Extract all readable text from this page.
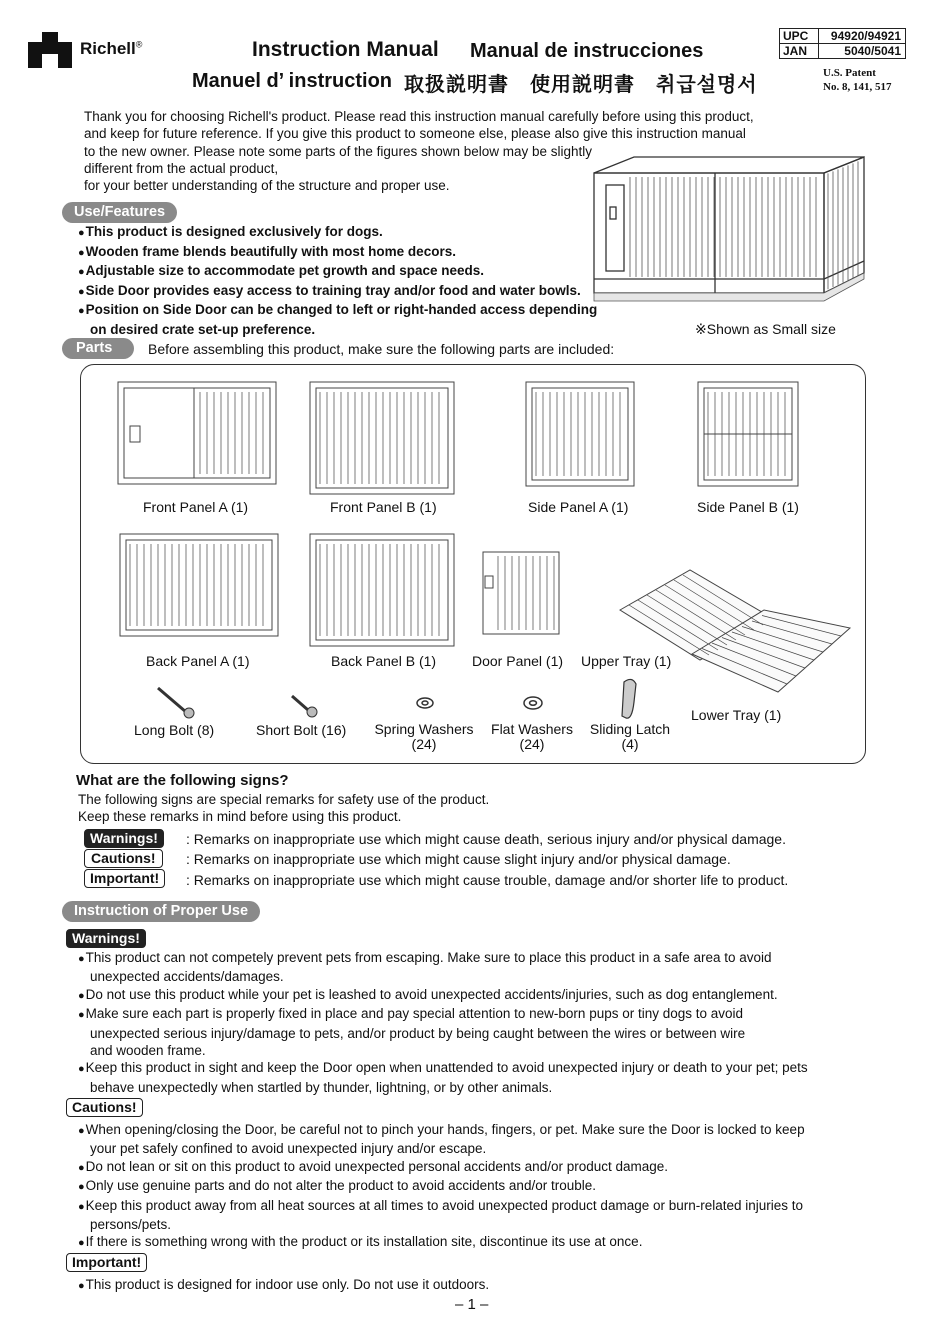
Richell®	Instruction Manual Manual de instrucciones
Manuel d’ instruction 取扱説明書　使用説明書　취급설명서
UPC	94920/94921
JAN	5040/5041
U.S. Patent
No. 8, 141, 517
Thank you for choosing Richell's product. Please read this instruction manual carefully before using this product,
and keep for future reference. If you give this product to someone else, please also give this instruction manual
to the new owner. Please note some parts of the figures shown below may be slightly
different from the actual product,
for your better understanding of the structure and proper use.
Use/Features
● This product is designed exclusively for dogs.
● Wooden frame blends beautifully with most home decors.
● Adjustable size to accommodate pet growth and space needs.
● Side Door provides easy access to training tray and/or food and water bowls.
● Position on Side Door can be changed to left or right-handed access depending
on desired crate set-up preference.	※Shown as Small size
Parts	Before assembling this product, make sure the following parts are included:
Front Panel A (1)	Front Panel B (1)	Side Panel A (1)	Side Panel B (1)
Back Panel A (1)	Back Panel B (1)	Door Panel (1) Upper Tray (1)
Lower Tray (1)
Long Bolt (8)	Short Bolt (16) Spring Washers
(24)
Flat Washers
(24)
Sliding Latch
(4)
What are the following signs?
The following signs are special remarks for safety use of the product.
Keep these remarks in mind before using this product.
Warnings!	: Remarks on inappropriate use which might cause death, serious injury and/or physical damage.
Cautions!	: Remarks on inappropriate use which might cause slight injury and/or physical damage.
Important!	: Remarks on inappropriate use which might cause trouble, damage and/or shorter life to product.
Instruction of Proper Use
Warnings!
● This product can not competely prevent pets from escaping. Make sure to place this product in a safe area to avoid
unexpected accidents/damages.
● Do not use this product while your pet is leashed to avoid unexpected accidents/injuries, such as dog entanglement.
● Make sure each part is properly fixed in place and pay special attention to new-born pups or tiny dogs to avoid
unexpected serious injury/damage to pets, and/or product by being caught between the wires or between wire
and wooden frame.
● Keep this product in sight and keep the Door open when unattended to avoid unexpected injury or death to your pet; pets
behave unexpectedly when startled by thunder, lightning, or by other animals.
Cautions!
● When opening/closing the Door, be careful not to pinch your hands, fingers, or pet. Make sure the Door is locked to keep
your pet safely confined to avoid unexpected injury and/or escape.
● Do not lean or sit on this product to avoid unexpected personal accidents and/or product damage.
● Only use genuine parts and do not alter the product to avoid accidents and/or trouble.
● Keep this product away from all heat sources at all times to avoid unexpected product damage or burn-related injuries to
persons/pets.
● If there is something wrong with the product or its installation site, discontinue its use at once.
Important!
● This product is designed for indoor use only. Do not use it outdoors.
– 1 –
